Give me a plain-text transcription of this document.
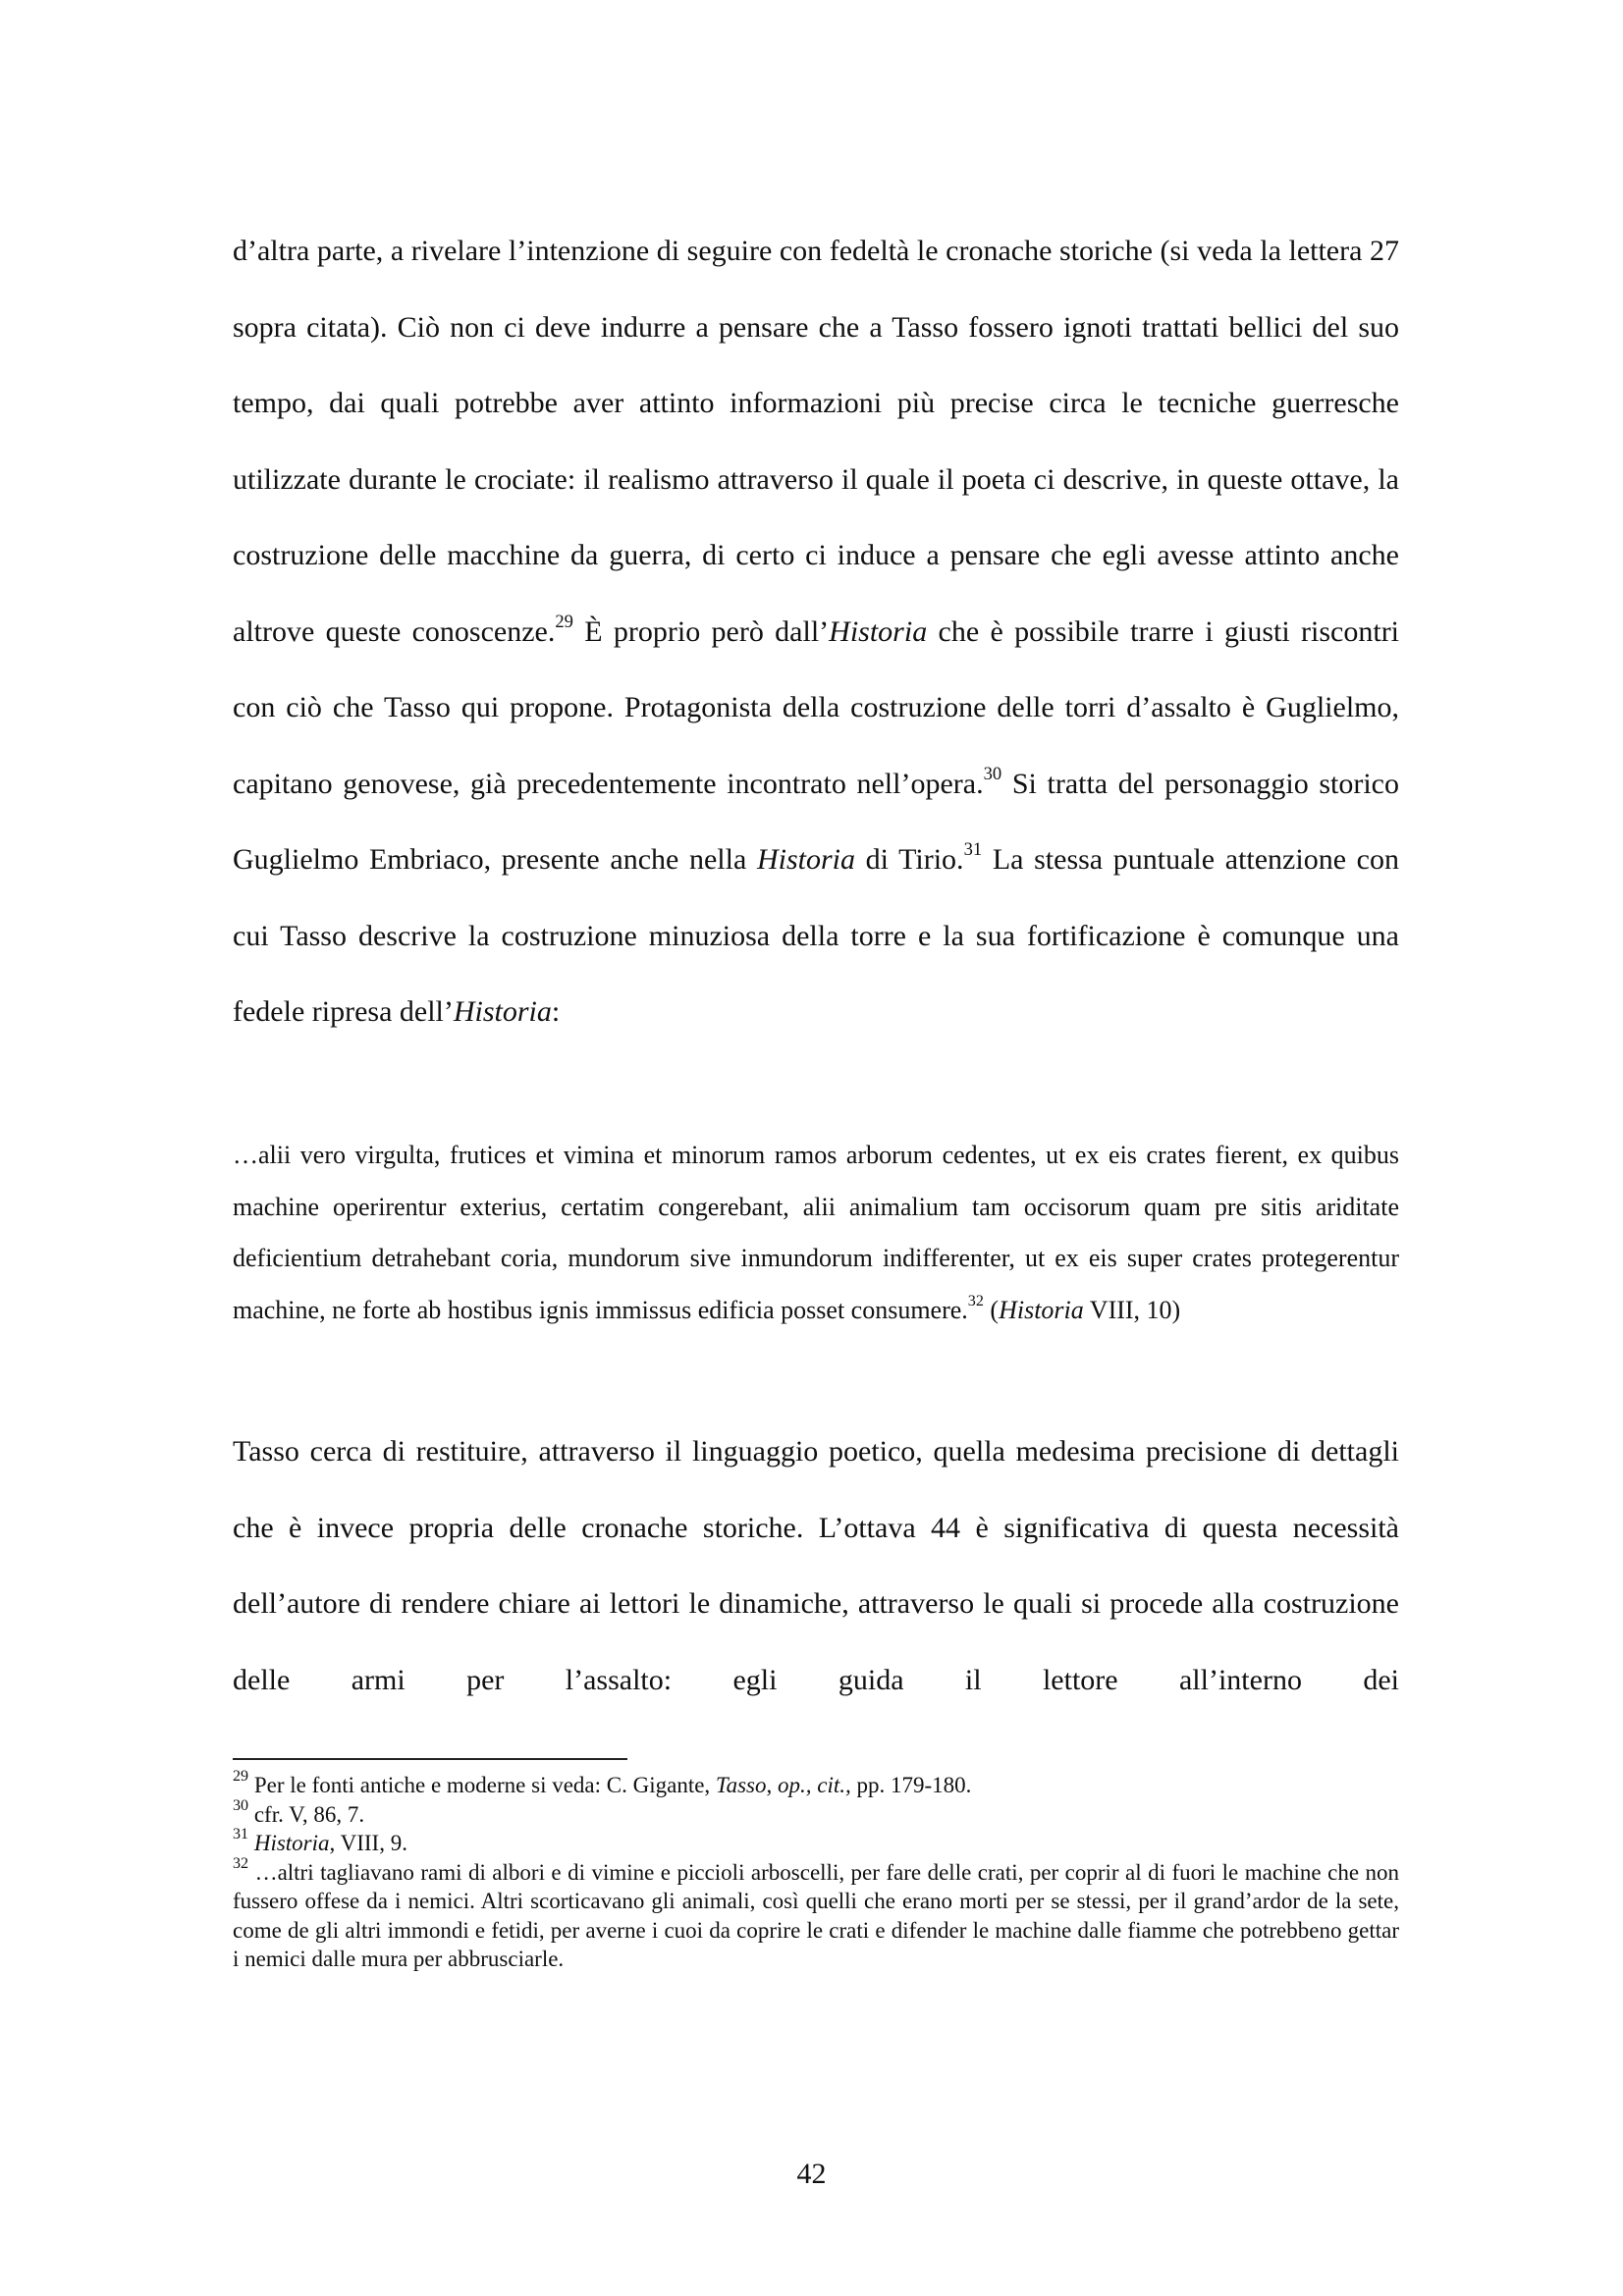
d’altra parte, a rivelare l’intenzione di seguire con fedeltà le cronache storiche (si veda la lettera 27 sopra citata). Ciò non ci deve indurre a pensare che a Tasso fossero ignoti trattati bellici del suo tempo, dai quali potrebbe aver attinto informazioni più precise circa le tecniche guerresche utilizzate durante le crociate: il realismo attraverso il quale il poeta ci descrive, in queste ottave, la costruzione delle macchine da guerra, di certo ci induce a pensare che egli avesse attinto anche altrove queste conoscenze.$^{29}$ È proprio però dall’Historia che è possibile trarre i giusti riscontri con ciò che Tasso qui propone. Protagonista della costruzione delle torri d’assalto è Guglielmo, capitano genovese, già precedentemente incontrato nell’opera.$^{30}$ Si tratta del personaggio storico Guglielmo Embriaco, presente anche nella Historia di Tirio.$^{31}$ La stessa puntuale attenzione con cui Tasso descrive la costruzione minuziosa della torre e la sua fortificazione è comunque una fedele ripresa dell’Historia:

…alii vero virgulta, frutices et vimina et minorum ramos arborum cedentes, ut ex eis crates fierent, ex quibus machine operirentur exterius, certatim congerebant, alii animalium tam occisorum quam pre sitis ariditate deficientium detrahebant coria, mundorum sive inmundorum indifferenter, ut ex eis super crates protegerentur machine, ne forte ab hostibus ignis immissus edificia posset consumere.$^{32}$ (Historia VIII, 10)

Tasso cerca di restituire, attraverso il linguaggio poetico, quella medesima precisione di dettagli che è invece propria delle cronache storiche. L’ottava 44 è significativa di questa necessità dell’autore di rendere chiare ai lettori le dinamiche, attraverso le quali si procede alla costruzione delle armi per l’assalto: egli guida il lettore all’interno dei

$^{29}$ Per le fonti antiche e moderne si veda: C. Gigante, Tasso, op., cit., pp. 179-180.

$^{30}$ cfr. V, 86, 7.

$^{31}$ Historia, VIII, 9.

$^{32}$ …altri tagliavano rami di albori e di vimine e piccioli arboscelli, per fare delle crati, per coprir al di fuori le machine che non fussero offese da i nemici. Altri scorticavano gli animali, così quelli che erano morti per se stessi, per il grand’ardor de la sete, come de gli altri immondi e fetidi, per averne i cuoi da coprire le crati e difender le machine dalle fiamme che potrebbeno gettar i nemici dalle mura per abbrusciarle.

42
